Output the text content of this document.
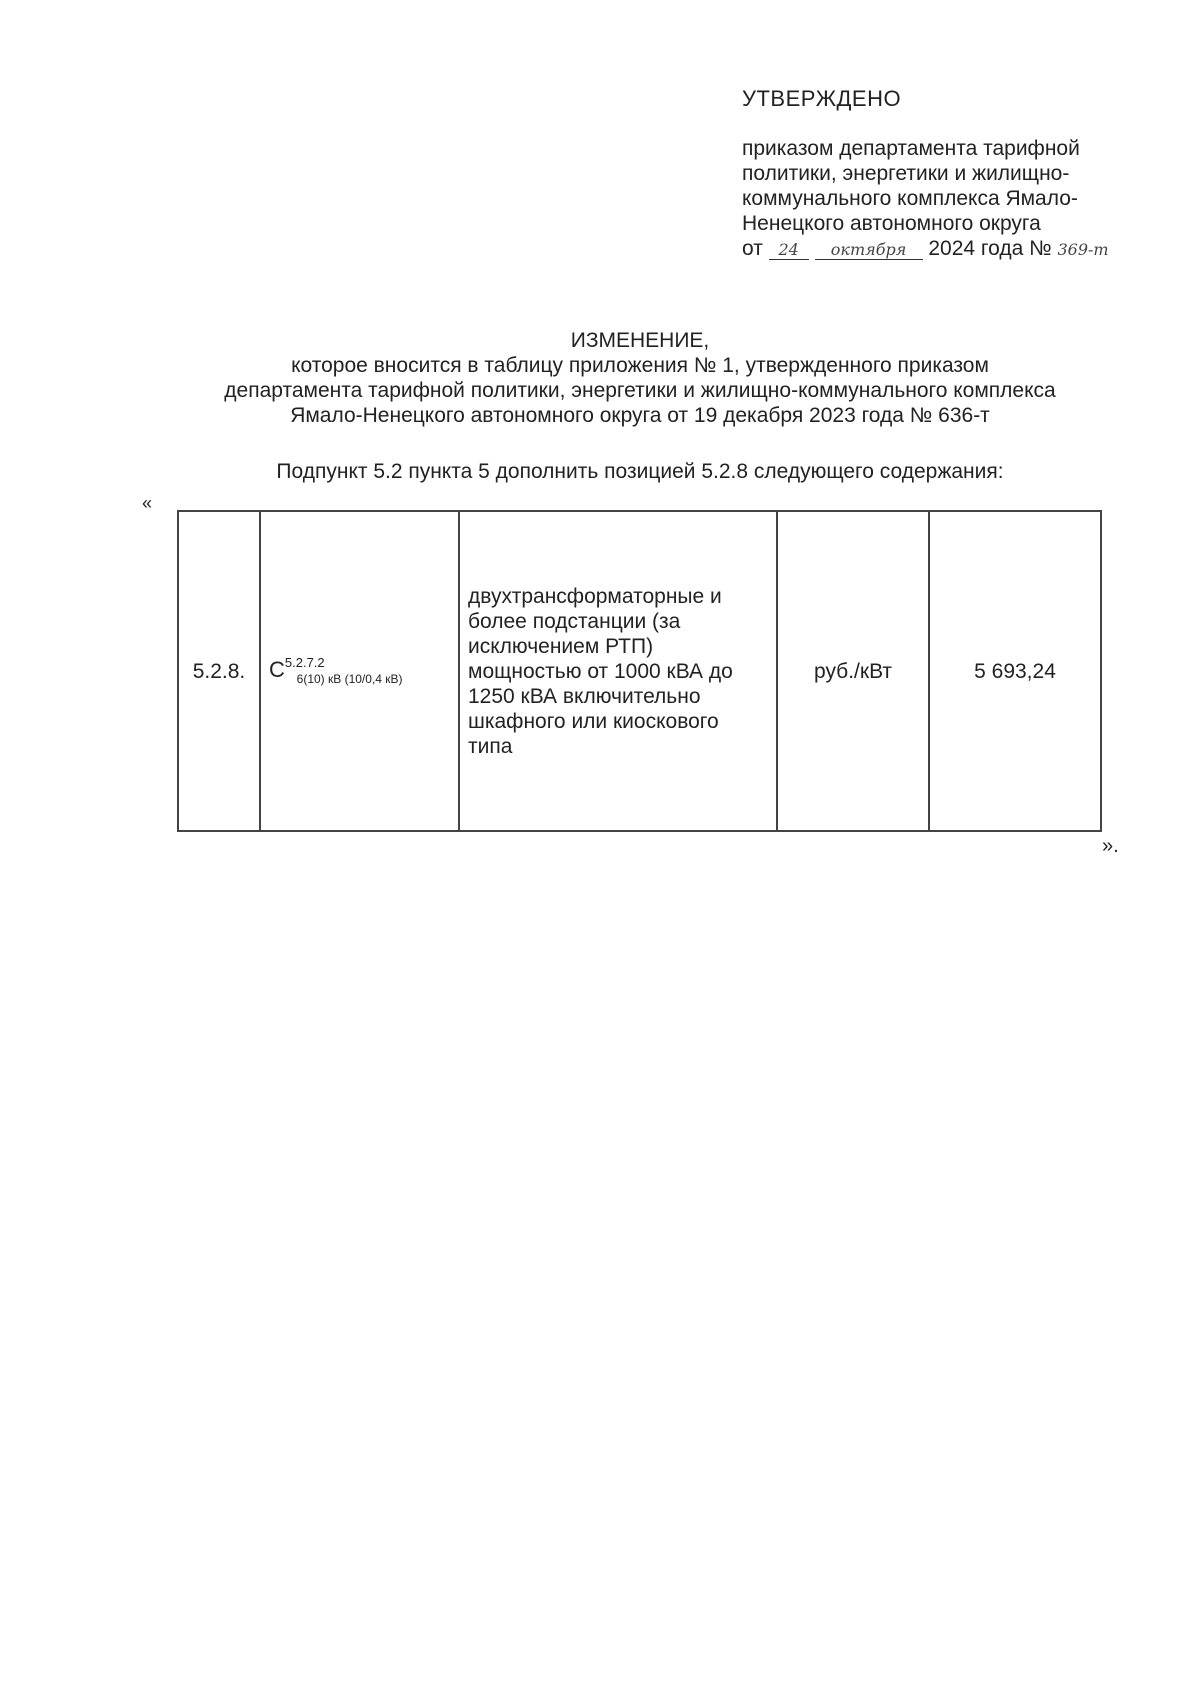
УТВЕРЖДЕНО
приказом департамента тарифной
политики, энергетики и жилищно-
коммунального комплекса Ямало-
Ненецкого автономного округа
от 24 октября 2024 года № 369-т
ИЗМЕНЕНИЕ,
которое вносится в таблицу приложения № 1, утвержденного приказом
департамента тарифной политики, энергетики и жилищно-коммунального комплекса
Ямало-Ненецкого автономного округа от 19 декабря 2023 года № 636-т
Подпункт 5.2 пункта 5 дополнить позицией 5.2.8 следующего содержания:
«
5.2.8.	$C^{5.2.7.2}_{6(10) кВ (10/0,4 кВ)}$	двухтрансформаторные и более подстанции (за исключением РТП) мощностью от 1000 кВА до 1250 кВА включительно шкафного или киоскового типа	руб./кВт	5 693,24
».
